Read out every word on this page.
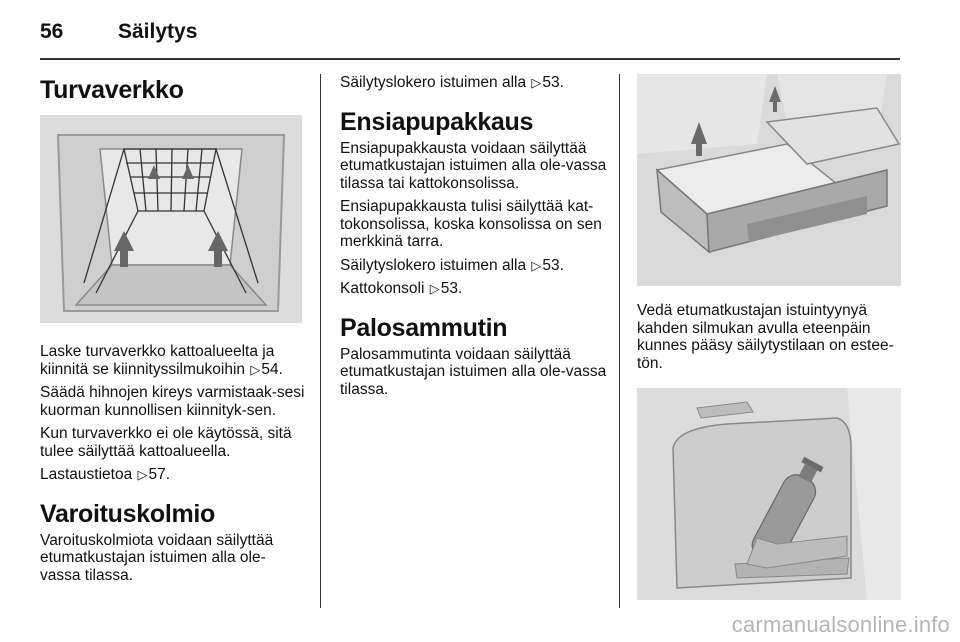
56	Säilytys
Turvaverkko

Laske turvaverkko kattoalueelta ja kiinnitä se kiinnityssilmukoihin ▷54.

Säädä hihnojen kireys varmistaak-sesi kuorman kunnollisen kiinnityk-sen.

Kun turvaverkko ei ole käytössä, sitä tulee säilyttää kattoalueella.

Lastaustietoa ▷57.

Varoituskolmio

Varoituskolmiota voidaan säilyttää etumatkustajan istuimen alla ole-vassa tilassa.

Säilytyslokero istuimen alla ▷53.

Ensiapupakkaus

Ensiapupakkausta voidaan säilyttää etumatkustajan istuimen alla ole-vassa tilassa tai kattokonsolissa.

Ensiapupakkausta tulisi säilyttää kat-tokonsolissa, koska konsolissa on sen merkkinä tarra.

Säilytyslokero istuimen alla ▷53.

Kattokonsoli ▷53.

Palosammutin

Palosammutinta voidaan säilyttää etumatkustajan istuimen alla ole-vassa tilassa.

Vedä etumatkustajan istuintyynyä kahden silmukan avulla eteenpäin kunnes pääsy säilytystilaan on estee-tön.

carmanualsonline.info
